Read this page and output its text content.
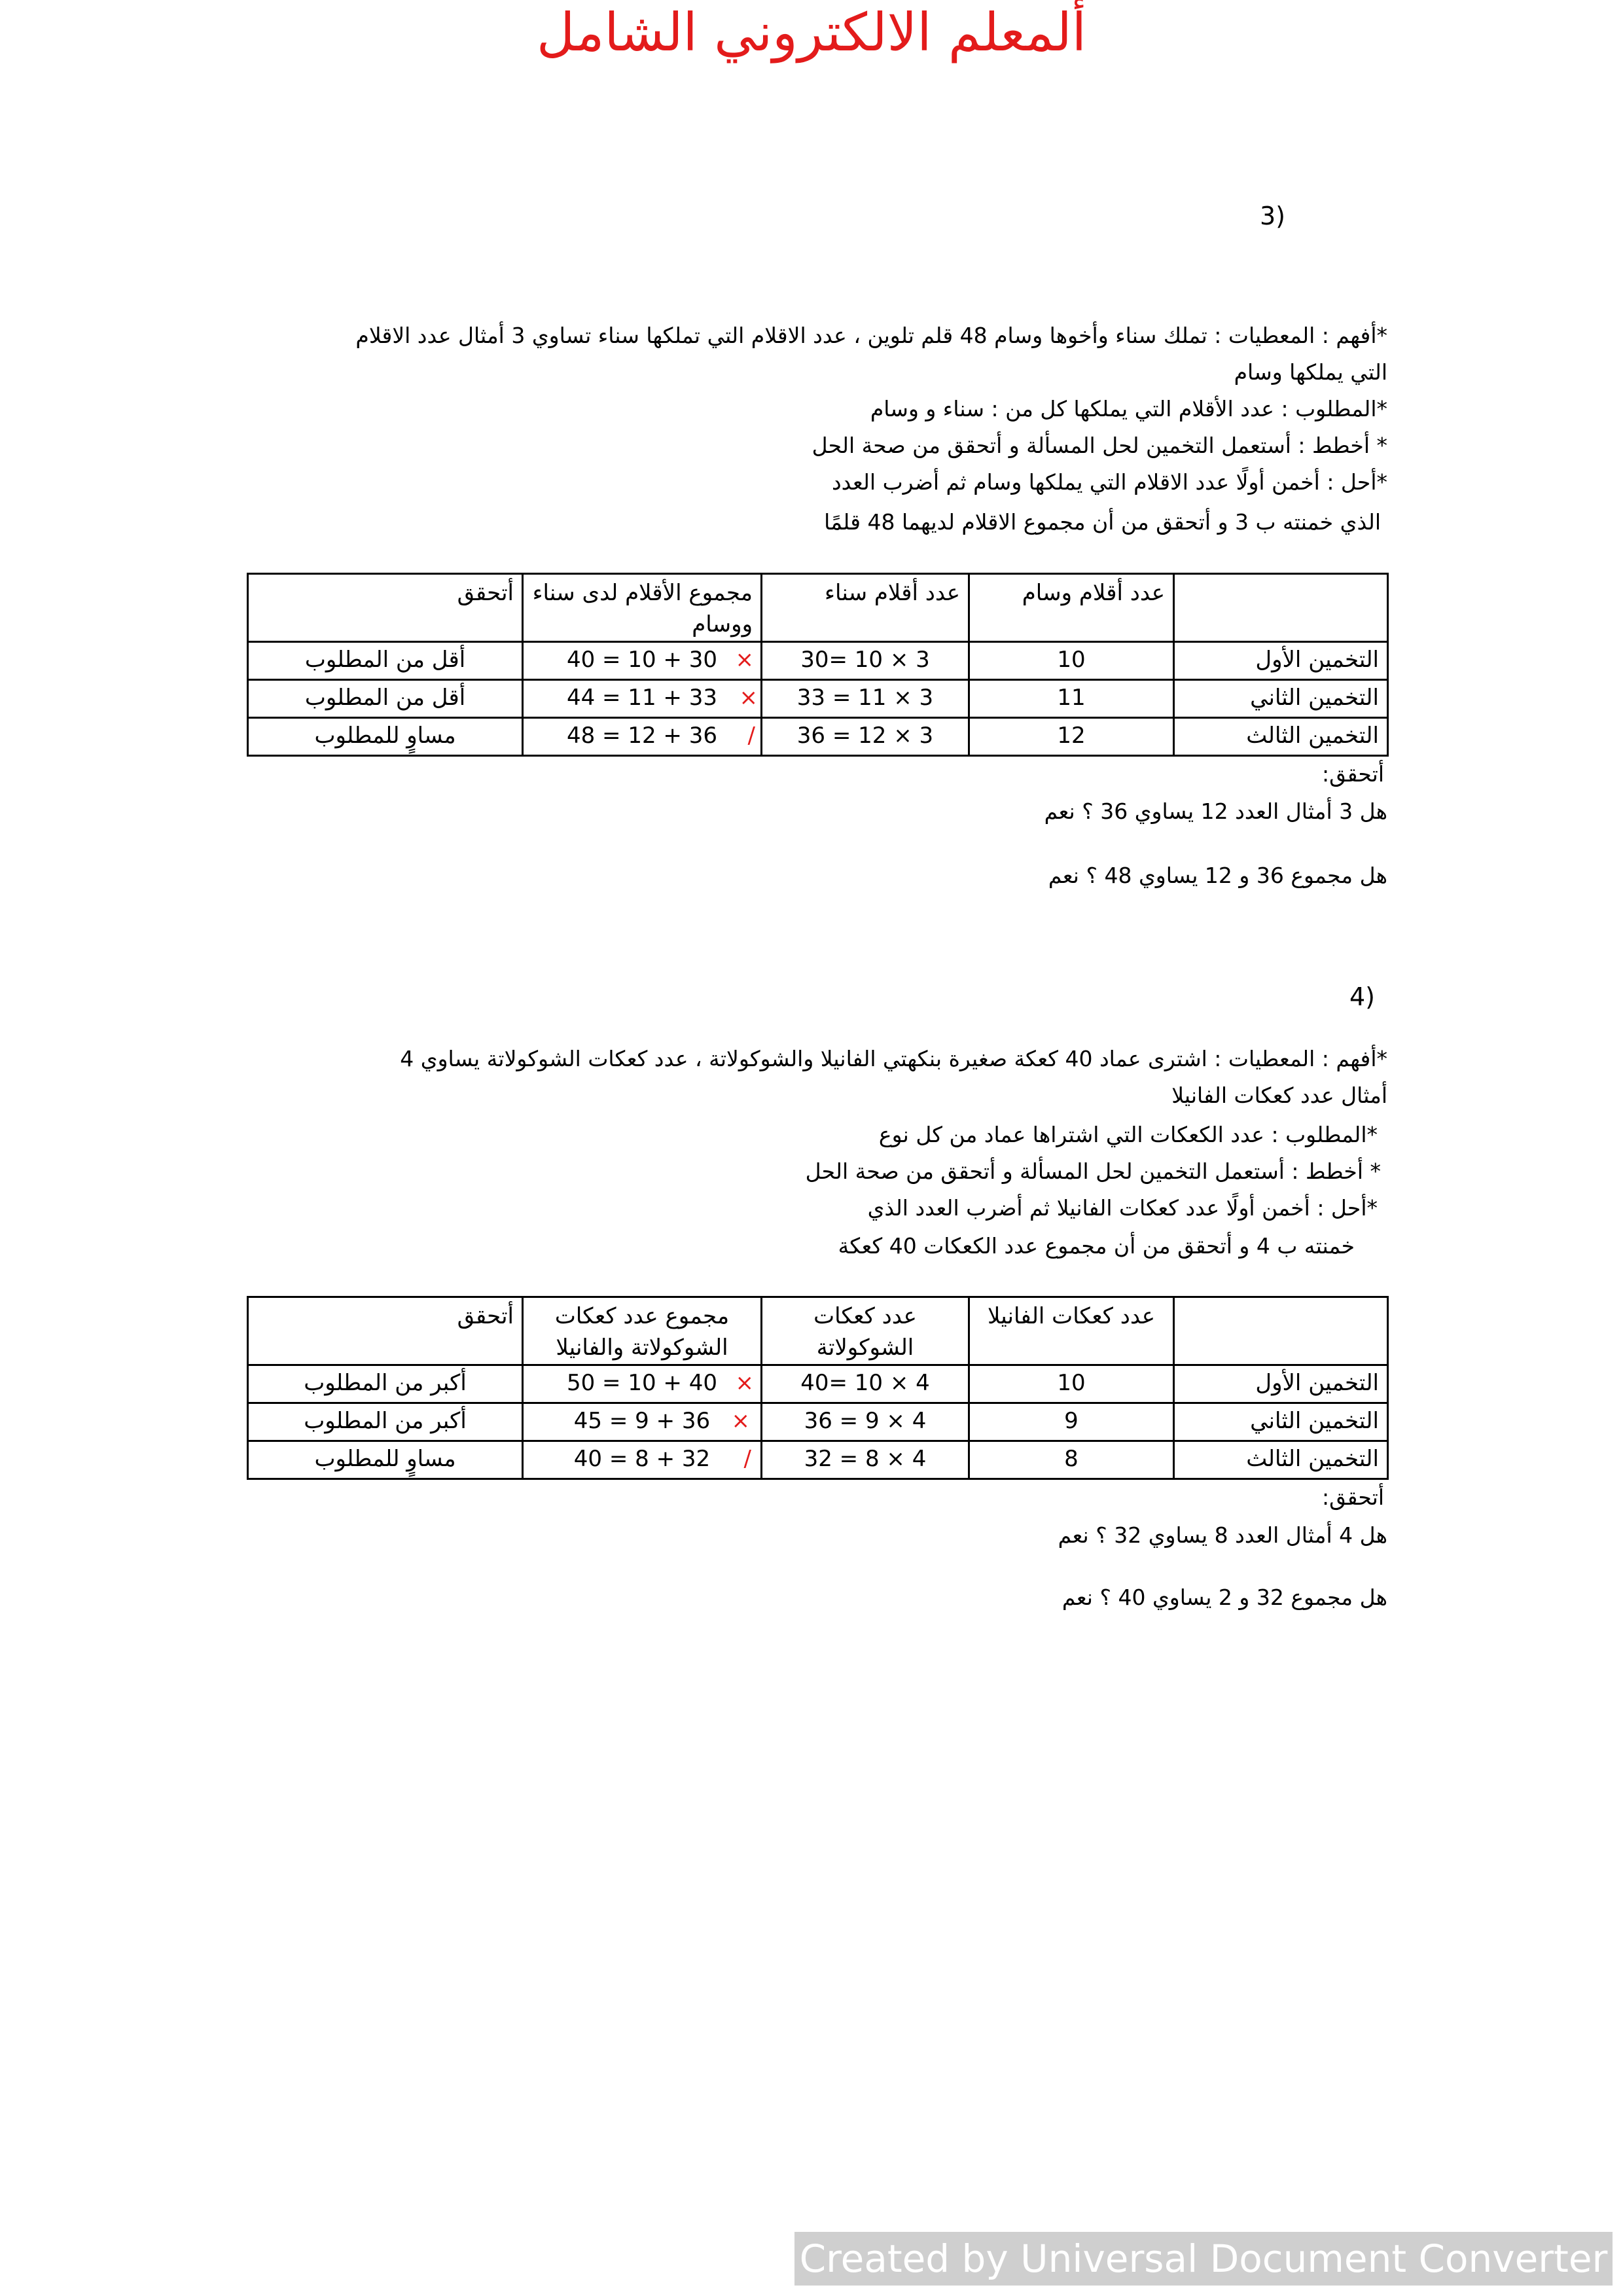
ألمعلم الالكتروني الشامل
3)
*أفهم : المعطيات : تملك سناء وأخوها وسام 48 قلم تلوين ، عدد الاقلام التي تملكها سناء تساوي 3 أمثال عدد الاقلام التي يملكها وسام
*المطلوب : عدد الأقلام التي يملكها كل من : سناء و وسام
* أخطط : أستعمل التخمين لحل المسألة و أتحقق من صحة الحل
*أحل : أخمن أولًا عدد الاقلام التي يملكها وسام ثم أضرب العدد
الذي خمنته ب 3 و أتحقق من أن مجموع الاقلام لديهما 48 قلمًا
	عدد أقلام وسام	عدد أقلام سناء	مجموع الأقلام لدى سناء ووسام	أتحقق
التخمين الأول	10	3 × 10 =30	30 + 10 = 40 ×	أقل من المطلوب
التخمين الثاني	11	3 × 11 = 33	33 + 11 = 44 ×	أقل من المطلوب
التخمين الثالث	12	3 × 12 = 36	36 + 12 = 48 /	مساوٍ للمطلوب
أتحقق:
هل 3 أمثال العدد 12 يساوي 36 ؟ نعم
هل مجموع 36 و 12 يساوي 48 ؟ نعم
4)
*أفهم : المعطيات : اشترى عماد 40 كعكة صغيرة بنكهتي الفانيلا والشوكولاتة ، عدد كعكات الشوكولاتة يساوي 4 أمثال عدد كعكات الفانيلا
*المطلوب : عدد الكعكات التي اشتراها عماد من كل نوع
* أخطط : أستعمل التخمين لحل المسألة و أتحقق من صحة الحل
*أحل : أخمن أولًا عدد كعكات الفانيلا ثم أضرب العدد الذي
خمنته ب 4 و أتحقق من أن مجموع عدد الكعكات 40 كعكة
	عدد كعكات الفانيلا	عدد كعكات الشوكولاتة	مجموع عدد كعكات الشوكولاتة والفانيلا	أتحقق
التخمين الأول	10	4 × 10 =40	40 + 10 = 50 ×	أكبر من المطلوب
التخمين الثاني	9	4 × 9 = 36	36 + 9 = 45 ×	أكبر من المطلوب
التخمين الثالث	8	4 × 8 = 32	32 + 8 = 40 /	مساوٍ للمطلوب
أتحقق:
هل 4 أمثال العدد 8 يساوي 32 ؟ نعم
هل مجموع 32 و 2 يساوي 40 ؟ نعم
Created by Universal Document Converter
